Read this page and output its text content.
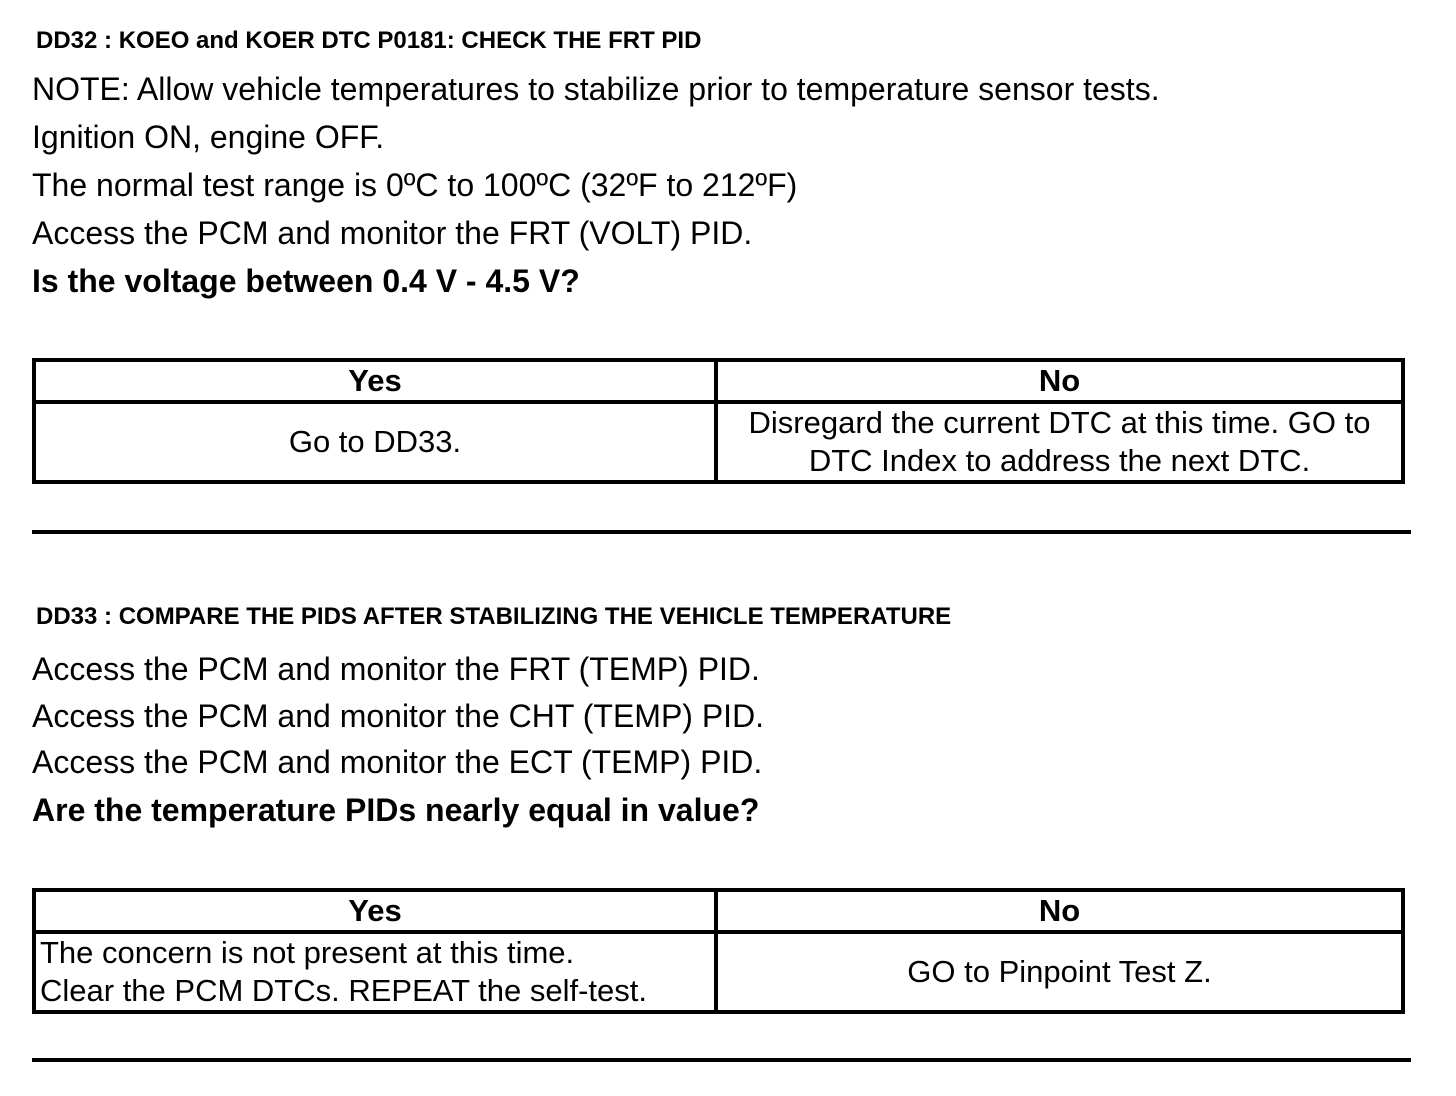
DD32 : KOEO and KOER DTC P0181: CHECK THE FRT PID
NOTE: Allow vehicle temperatures to stabilize prior to temperature sensor tests.
Ignition ON, engine OFF.
The normal test range is 0ºC to 100ºC (32ºF to 212ºF)
Access the PCM and monitor the FRT (VOLT) PID.
Is the voltage between 0.4 V - 4.5 V?
Yes	No
Go to DD33.	Disregard the current DTC at this time. GO to
DTC Index to address the next DTC.
DD33 : COMPARE THE PIDS AFTER STABILIZING THE VEHICLE TEMPERATURE
Access the PCM and monitor the FRT (TEMP) PID.
Access the PCM and monitor the CHT (TEMP) PID.
Access the PCM and monitor the ECT (TEMP) PID.
Are the temperature PIDs nearly equal in value?
Yes	No

The concern is not present at this time.
Clear the PCM DTCs. REPEAT the self-test.	GO to Pinpoint Test Z.
